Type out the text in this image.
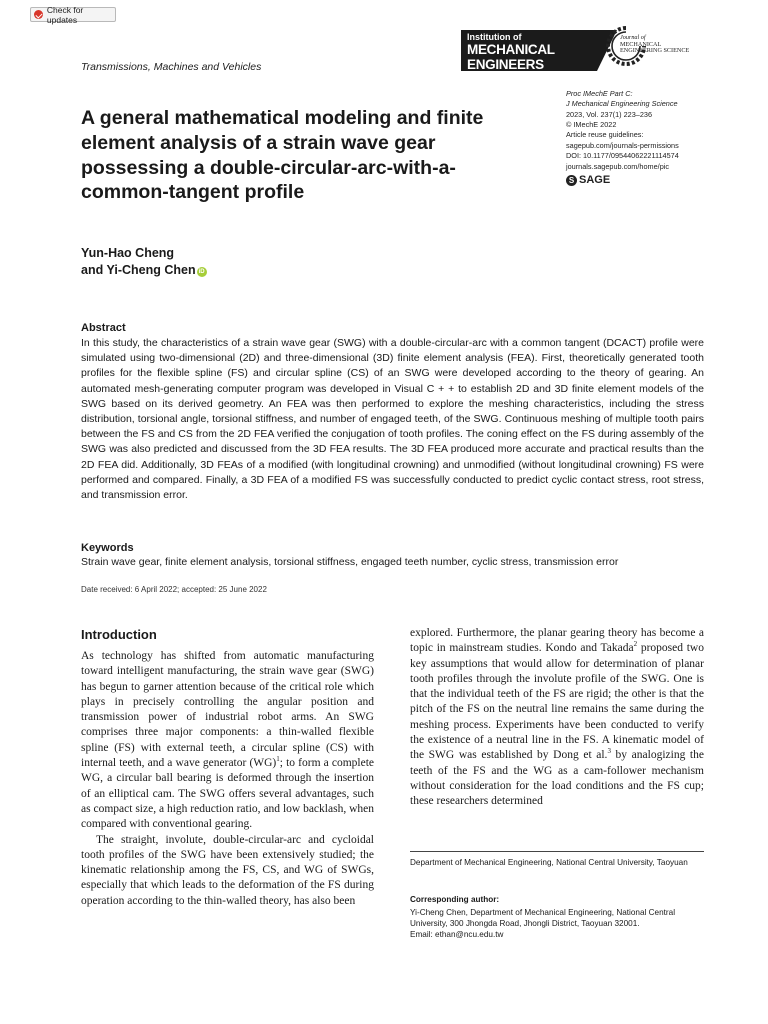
Check for updates
Transmissions, Machines and Vehicles
Institution of
MECHANICAL
ENGINEERS
Journal of
MECHANICAL
ENGINEERING SCIENCE
A general mathematical modeling and finite element analysis of a strain wave gear possessing a double-circular-arc-with-a-common-tangent profile
Proc IMechE Part C:
J Mechanical Engineering Science
2023, Vol. 237(1) 223–236
© IMechE 2022
Article reuse guidelines:
sagepub.com/journals-permissions
DOI: 10.1177/09544062221114574
journals.sagepub.com/home/pic
S SAGE
Yun-Hao Cheng
and Yi-Cheng Chen iD
Abstract

In this study, the characteristics of a strain wave gear (SWG) with a double-circular-arc with a common tangent (DCACT) profile were simulated using two-dimensional (2D) and three-dimensional (3D) finite element analysis (FEA). First, theoretically generated tooth profiles for the flexible spline (FS) and circular spline (CS) of an SWG were developed according to the theory of gearing. An automated mesh-generating computer program was developed in Visual C + + to establish 2D and 3D finite element models of the SWG based on its derived geometry. An FEA was then performed to explore the meshing characteristics, including the stress distribution, torsional angle, torsional stiffness, and number of engaged teeth, of the SWG. Continuous meshing of multiple tooth pairs between the FS and CS from the 2D FEA verified the conjugation of tooth profiles. The coning effect on the FS during assembly of the SWG was also predicted and discussed from the 3D FEA results. The 3D FEA produced more accurate and practical results than the 2D FEA did. Additionally, 3D FEAs of a modified (with longitudinal crowning) and unmodified (without longitudinal crowning) FS were performed and compared. Finally, a 3D FEA of a modified FS was successfully conducted to predict cyclic contact stress, root stress, and transmission error.

Keywords
Strain wave gear, finite element analysis, torsional stiffness, engaged teeth number, cyclic stress, transmission error
Date received: 6 April 2022; accepted: 25 June 2022
Introduction

As technology has shifted from automatic manufacturing toward intelligent manufacturing, the strain wave gear (SWG) has begun to garner attention because of the critical role which plays in precisely controlling the angular position and transmission power of industrial robot arms. An SWG comprises three major components: a thin-walled flexible spline (FS) with external teeth, a circular spline (CS) with internal teeth, and a wave generator (WG)$^1$; to form a complete WG, a circular ball bearing is deformed through the insertion of an elliptical cam. The SWG offers several advantages, such as compact size, a high reduction ratio, and low backlash, when compared with conventional gearing.

The straight, involute, double-circular-arc and cycloidal tooth profiles of the SWG have been extensively studied; the kinematic relationship among the FS, CS, and WG of SWGs, especially that which leads to the deformation of the FS during operation according to the thin-walled theory, has also been

explored. Furthermore, the planar gearing theory has become a topic in mainstream studies. Kondo and Takada$^2$ proposed two key assumptions that would allow for determination of planar tooth profiles through the involute profile of the SWG. One is that the individual teeth of the FS are rigid; the other is that the pitch of the FS on the neutral line remains the same during the meshing process. Experiments have been conducted to verify the existence of a neutral line in the FS. A kinematic model of the SWG was established by Dong et al.$^3$ by analogizing the teeth of the FS and the WG as a cam-follower mechanism without consideration for the load conditions and the FS cup; these researchers determined

Department of Mechanical Engineering, National Central University, Taoyuan
Corresponding author:
Yi-Cheng Chen, Department of Mechanical Engineering, National Central University, 300 Jhongda Road, Jhongli District, Taoyuan 32001.
Email: ethan@ncu.edu.tw
